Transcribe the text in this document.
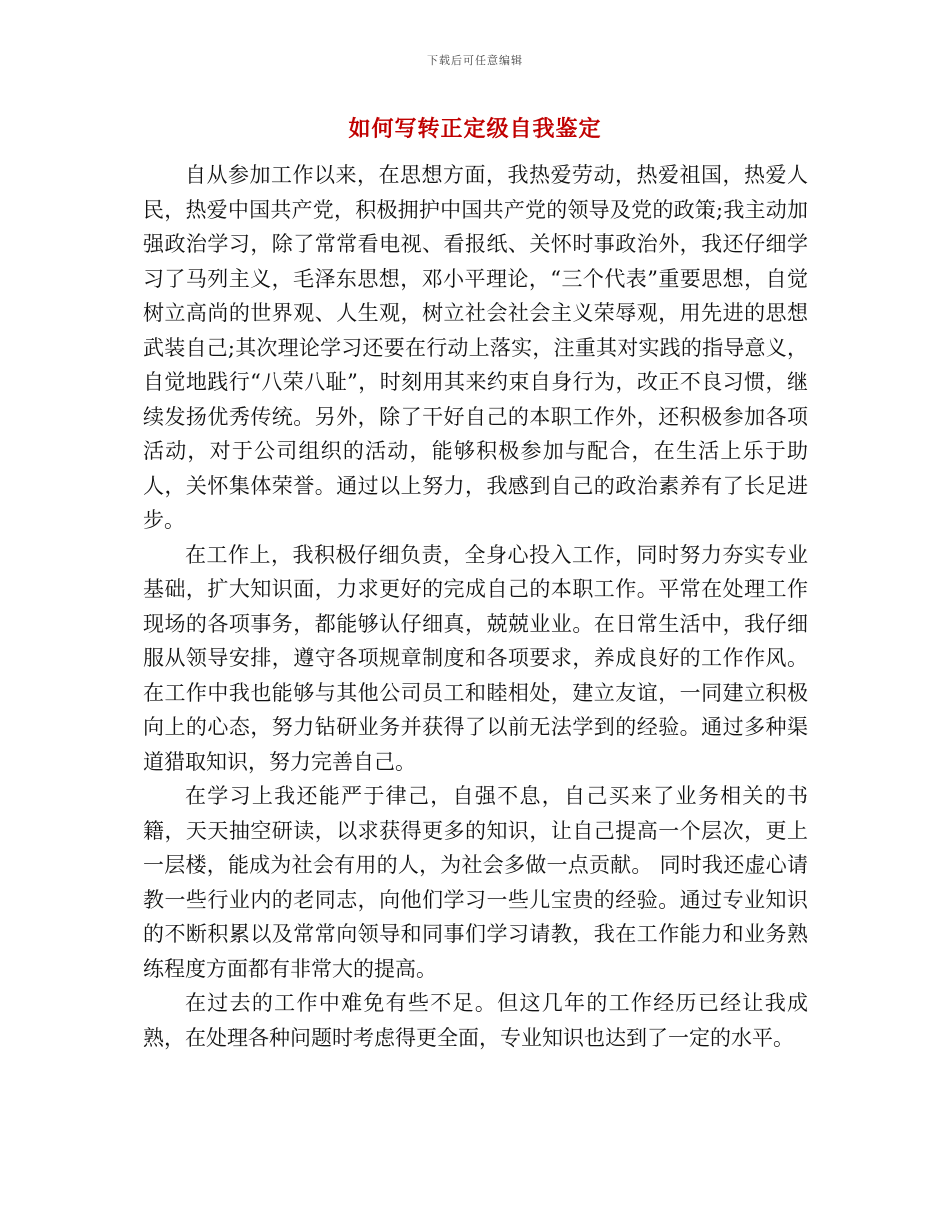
下载后可任意编辑
如何写转正定级自我鉴定

自从参加工作以来，在思想方面，我热爱劳动，热爱祖国，热爱人民，热爱中国共产党，积极拥护中国共产党的领导及党的政策;我主动加强政治学习，除了常常看电视、看报纸、关怀时事政治外，我还仔细学习了马列主义，毛泽东思想，邓小平理论，“三个代表”重要思想，自觉树立高尚的世界观、人生观，树立社会社会主义荣辱观，用先进的思想武装自己;其次理论学习还要在行动上落实，注重其对实践的指导意义，自觉地践行“八荣八耻”，时刻用其来约束自身行为，改正不良习惯，继续发扬优秀传统。另外，除了干好自己的本职工作外，还积极参加各项活动，对于公司组织的活动，能够积极参加与配合，在生活上乐于助人，关怀集体荣誉。通过以上努力，我感到自己的政治素养有了长足进步。

在工作上，我积极仔细负责，全身心投入工作，同时努力夯实专业基础，扩大知识面，力求更好的完成自己的本职工作。平常在处理工作现场的各项事务，都能够认仔细真，兢兢业业。在日常生活中，我仔细服从领导安排，遵守各项规章制度和各项要求，养成良好的工作作风。在工作中我也能够与其他公司员工和睦相处，建立友谊，一同建立积极向上的心态，努力钻研业务并获得了以前无法学到的经验。通过多种渠道猎取知识，努力完善自己。

在学习上我还能严于律己，自强不息，自己买来了业务相关的书籍，天天抽空研读，以求获得更多的知识，让自己提高一个层次，更上一层楼，能成为社会有用的人，为社会多做一点贡献。 同时我还虚心请教一些行业内的老同志，向他们学习一些儿宝贵的经验。通过专业知识的不断积累以及常常向领导和同事们学习请教，我在工作能力和业务熟练程度方面都有非常大的提高。

在过去的工作中难免有些不足。但这几年的工作经历已经让我成熟，在处理各种问题时考虑得更全面，专业知识也达到了一定的水平。
